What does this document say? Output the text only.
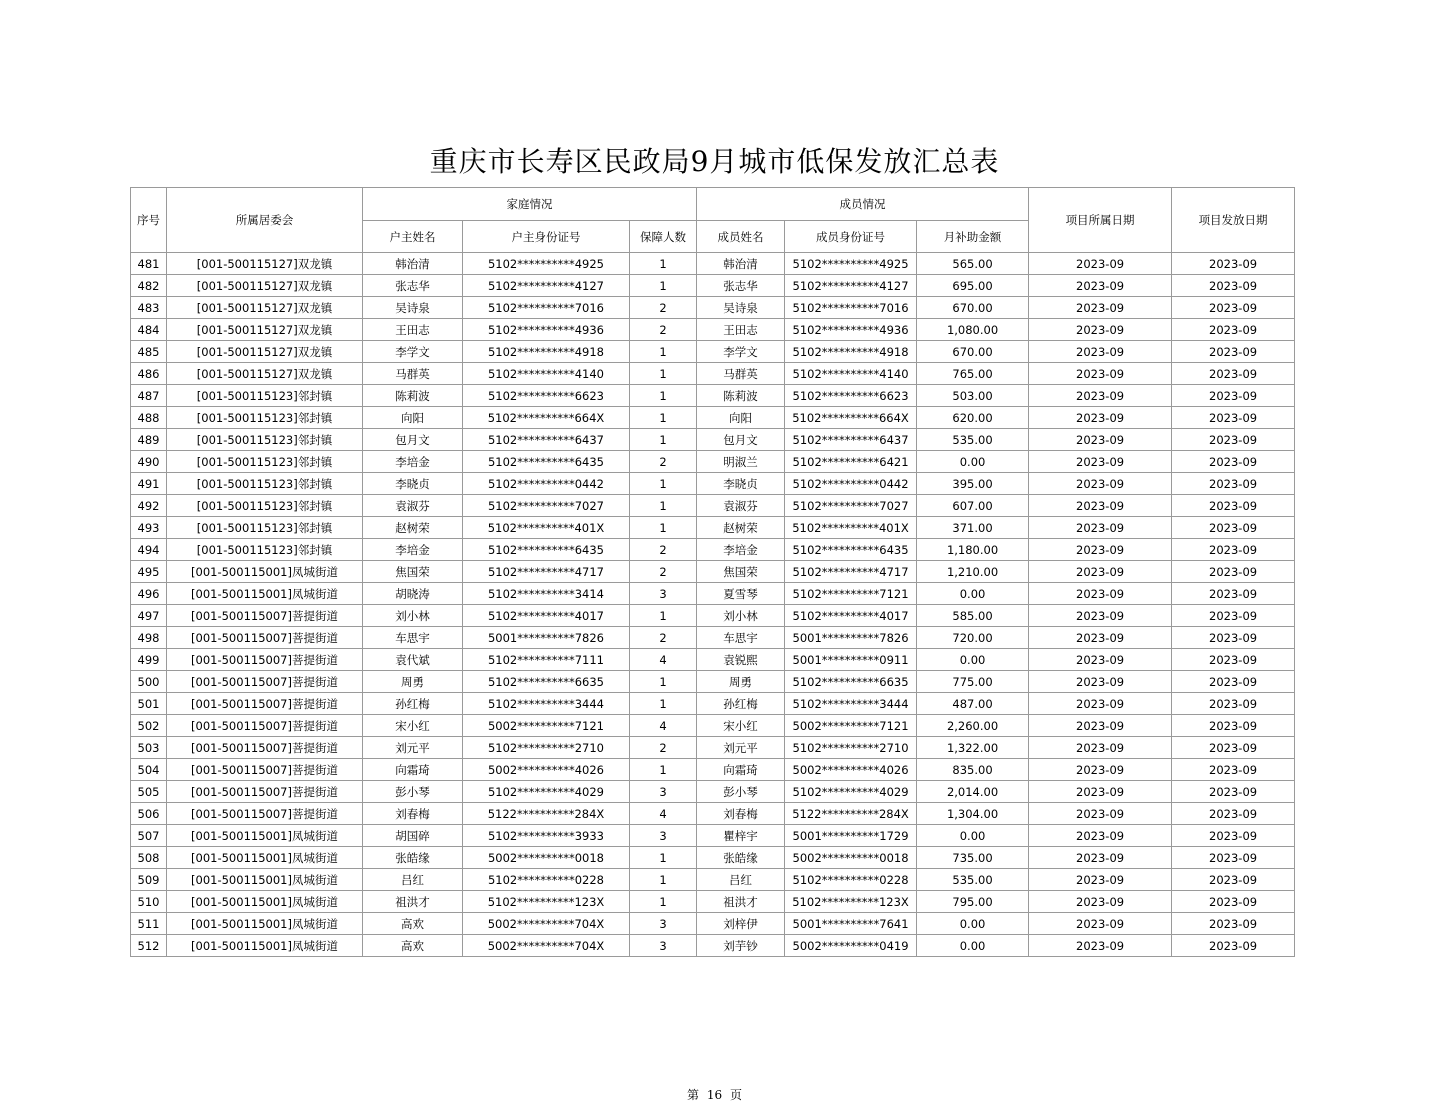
重庆市长寿区民政局9月城市低保发放汇总表
序号	所属居委会	家庭情况			成员情况			项目所属日期	项目发放日期
		户主姓名	户主身份证号	保障人数	成员姓名	成员身份证号	月补助金额		
481	[001-500115127]双龙镇	韩治清	5102**********4925	1	韩治清	5102**********4925	565.00	2023-09	2023-09
482	[001-500115127]双龙镇	张志华	5102**********4127	1	张志华	5102**********4127	695.00	2023-09	2023-09
483	[001-500115127]双龙镇	吴诗泉	5102**********7016	2	吴诗泉	5102**********7016	670.00	2023-09	2023-09
484	[001-500115127]双龙镇	王田志	5102**********4936	2	王田志	5102**********4936	1,080.00	2023-09	2023-09
485	[001-500115127]双龙镇	李学文	5102**********4918	1	李学文	5102**********4918	670.00	2023-09	2023-09
486	[001-500115127]双龙镇	马群英	5102**********4140	1	马群英	5102**********4140	765.00	2023-09	2023-09
487	[001-500115123]邻封镇	陈莉波	5102**********6623	1	陈莉波	5102**********6623	503.00	2023-09	2023-09
488	[001-500115123]邻封镇	向阳	5102**********664X	1	向阳	5102**********664X	620.00	2023-09	2023-09
489	[001-500115123]邻封镇	包月文	5102**********6437	1	包月文	5102**********6437	535.00	2023-09	2023-09
490	[001-500115123]邻封镇	李培金	5102**********6435	2	明淑兰	5102**********6421	0.00	2023-09	2023-09
491	[001-500115123]邻封镇	李晓贞	5102**********0442	1	李晓贞	5102**********0442	395.00	2023-09	2023-09
492	[001-500115123]邻封镇	袁淑芬	5102**********7027	1	袁淑芬	5102**********7027	607.00	2023-09	2023-09
493	[001-500115123]邻封镇	赵树荣	5102**********401X	1	赵树荣	5102**********401X	371.00	2023-09	2023-09
494	[001-500115123]邻封镇	李培金	5102**********6435	2	李培金	5102**********6435	1,180.00	2023-09	2023-09
495	[001-500115001]凤城街道	焦国荣	5102**********4717	2	焦国荣	5102**********4717	1,210.00	2023-09	2023-09
496	[001-500115001]凤城街道	胡晓涛	5102**********3414	3	夏雪琴	5102**********7121	0.00	2023-09	2023-09
497	[001-500115007]菩提街道	刘小林	5102**********4017	1	刘小林	5102**********4017	585.00	2023-09	2023-09
498	[001-500115007]菩提街道	车思宇	5001**********7826	2	车思宇	5001**********7826	720.00	2023-09	2023-09
499	[001-500115007]菩提街道	袁代斌	5102**********7111	4	袁锐熙	5001**********0911	0.00	2023-09	2023-09
500	[001-500115007]菩提街道	周勇	5102**********6635	1	周勇	5102**********6635	775.00	2023-09	2023-09
501	[001-500115007]菩提街道	孙红梅	5102**********3444	1	孙红梅	5102**********3444	487.00	2023-09	2023-09
502	[001-500115007]菩提街道	宋小红	5002**********7121	4	宋小红	5002**********7121	2,260.00	2023-09	2023-09
503	[001-500115007]菩提街道	刘元平	5102**********2710	2	刘元平	5102**********2710	1,322.00	2023-09	2023-09
504	[001-500115007]菩提街道	向霜琦	5002**********4026	1	向霜琦	5002**********4026	835.00	2023-09	2023-09
505	[001-500115007]菩提街道	彭小琴	5102**********4029	3	彭小琴	5102**********4029	2,014.00	2023-09	2023-09
506	[001-500115007]菩提街道	刘春梅	5122**********284X	4	刘春梅	5122**********284X	1,304.00	2023-09	2023-09
507	[001-500115001]凤城街道	胡国碎	5102**********3933	3	瞿梓宇	5001**********1729	0.00	2023-09	2023-09
508	[001-500115001]凤城街道	张皓缘	5002**********0018	1	张皓缘	5002**********0018	735.00	2023-09	2023-09
509	[001-500115001]凤城街道	吕红	5102**********0228	1	吕红	5102**********0228	535.00	2023-09	2023-09
510	[001-500115001]凤城街道	祖洪才	5102**********123X	1	祖洪才	5102**********123X	795.00	2023-09	2023-09
511	[001-500115001]凤城街道	高欢	5002**********704X	3	刘梓伊	5001**********7641	0.00	2023-09	2023-09
512	[001-500115001]凤城街道	高欢	5002**********704X	3	刘芋钞	5002**********0419	0.00	2023-09	2023-09
第 16 页
